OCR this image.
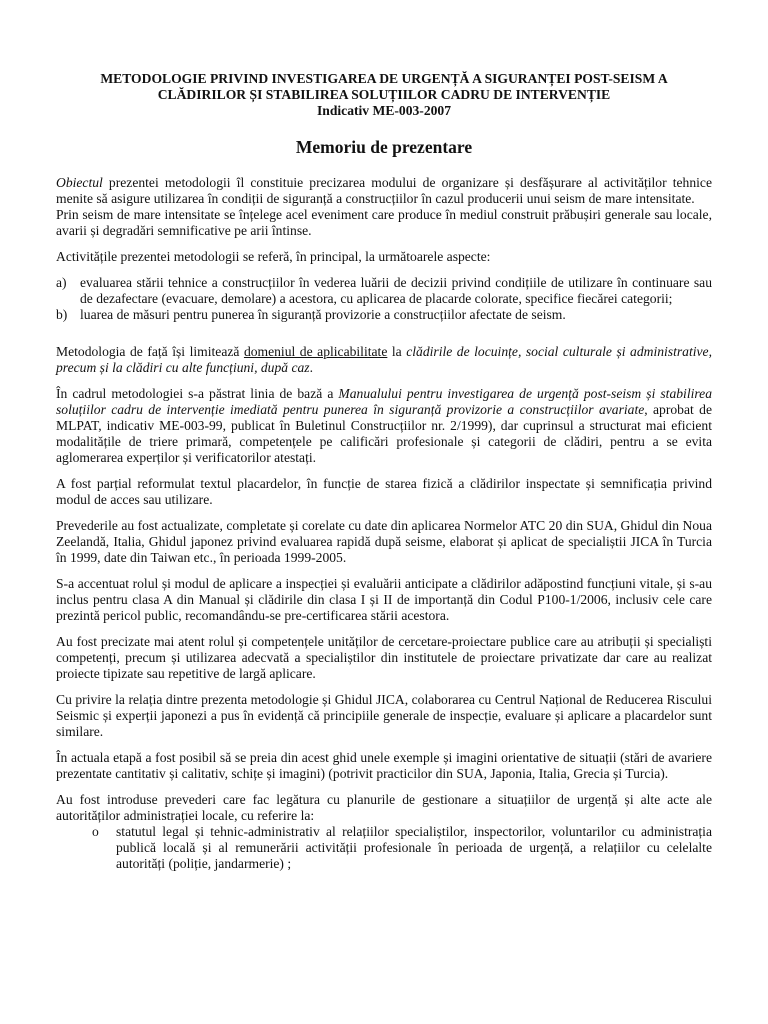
METODOLOGIE PRIVIND INVESTIGAREA DE URGENȚĂ A SIGURANȚEI POST-SEISM A

CLĂDIRILOR ȘI STABILIREA SOLUȚIILOR CADRU DE INTERVENȚIE

Indicativ ME-003-2007

Memoriu de prezentare

Obiectul prezentei metodologii îl constituie precizarea modului de organizare și desfășurare al activităților tehnice menite să asigure utilizarea în condiții de siguranță a construcțiilor în cazul producerii unui seism de mare intensitate.

Prin seism de mare intensitate se înțelege acel eveniment care produce în mediul construit prăbușiri generale sau locale, avarii și degradări semnificative pe arii întinse.

Activitățile prezentei metodologii se referă, în principal, la următoarele aspecte:

a) evaluarea stării tehnice a construcțiilor în vederea luării de decizii privind condițiile de utilizare în continuare sau de dezafectare (evacuare, demolare) a acestora, cu aplicarea de placarde colorate, specifice fiecărei categorii;
b) luarea de măsuri pentru punerea în siguranță provizorie a construcțiilor afectate de seism.

Metodologia de față își limitează domeniul de aplicabilitate la clădirile de locuințe, social culturale și administrative, precum și la clădiri cu alte funcțiuni, după caz.

În cadrul metodologiei s-a păstrat linia de bază a Manualului pentru investigarea de urgență post-seism și stabilirea soluțiilor cadru de intervenție imediată pentru punerea în siguranță provizorie a construcțiilor avariate, aprobat de MLPAT, indicativ ME-003-99, publicat în Buletinul Construcțiilor nr. 2/1999), dar cuprinsul a structurat mai eficient modalitățile de triere primară, competențele pe calificări profesionale și categorii de clădiri, pentru a se evita aglomerarea experților și verificatorilor atestați.

A fost parțial reformulat textul placardelor, în funcție de starea fizică a clădirilor inspectate și semnificația privind modul de acces sau utilizare.

Prevederile au fost actualizate, completate și corelate cu date din aplicarea Normelor ATC 20 din SUA, Ghidul din Noua Zeelandă, Italia, Ghidul japonez privind evaluarea rapidă după seisme, elaborat și aplicat de specialiștii JICA în Turcia în 1999, date din Taiwan etc., în perioada 1999-2005.

S-a accentuat rolul și modul de aplicare a inspecției și evaluării anticipate a clădirilor adăpostind funcțiuni vitale, și s-au inclus pentru clasa A din Manual și clădirile din clasa I și II de importanță din Codul P100-1/2006, inclusiv cele care prezintă pericol public, recomandându-se pre-certificarea stării acestora.

Au fost precizate mai atent rolul și competențele unităților de cercetare-proiectare publice care au atribuții și specialiști competenți, precum și utilizarea adecvată a specialiștilor din institutele de proiectare privatizate dar care au realizat proiecte tipizate sau repetitive de largă aplicare.

Cu privire la relația dintre prezenta metodologie și Ghidul JICA, colaborarea cu Centrul Național de Reducerea Riscului Seismic și experții japonezi a pus în evidență că principiile generale de inspecție, evaluare și aplicare a placardelor sunt similare.

În actuala etapă a fost posibil să se preia din acest ghid unele exemple și imagini orientative de situații (stări de avariere prezentate cantitativ și calitativ, schițe și imagini) (potrivit practicilor din SUA, Japonia, Italia, Grecia și Turcia).

Au fost introduse prevederi care fac legătura cu planurile de gestionare a situațiilor de urgență și alte acte ale autorităților administrației locale, cu referire la:

o statutul legal și tehnic-administrativ al relațiilor specialiștilor, inspectorilor, voluntarilor cu administrația publică locală și al remunerării activității profesionale în perioada de urgență, a relațiilor cu celelalte autorități (poliție, jandarmerie) ;
